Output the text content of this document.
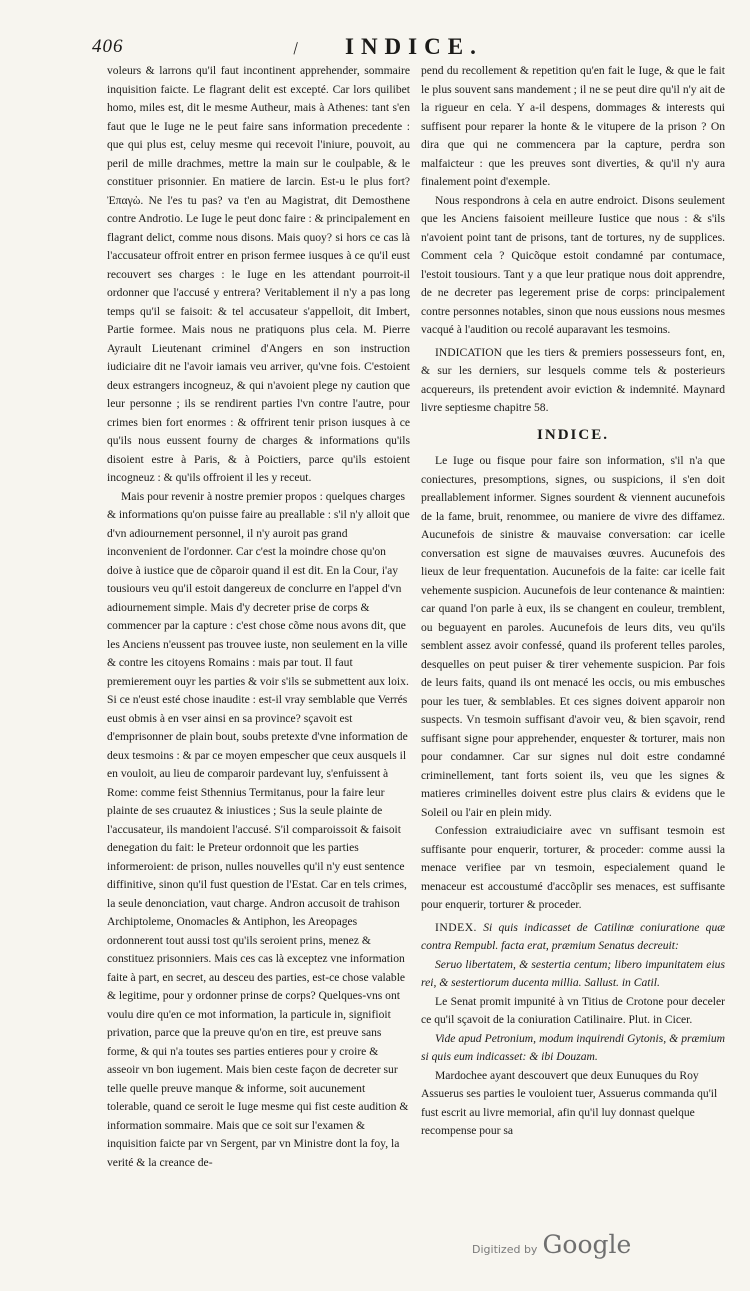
406	\ INDICE.

voleurs & larrons qu'il faut incontinent apprehender, sommaire inquisition faicte. Le flagrant delit est excepté. Car lors quilibet homo, miles est, dit le mesme Autheur, mais à Athenes: tant s'en faut que le Iuge ne le peut faire sans information precedente : que qui plus est, celuy mesme qui recevoit l'iniure, pouvoit, au peril de mille drachmes, mettre la main sur le coulpable, & le constituer prisonnier. En matiere de larcin. Est-u le plus fort? Ἐπαγὼ. Ne l'es tu pas? va t'en au Magistrat, dit Demosthene contre Androtio. Le Iuge le peut donc faire : & principalement en flagrant delict, comme nous disons. Mais quoy? si hors ce cas là l'accusateur offroit entrer en prison fermee iusques à ce qu'il eust recouvert ses charges : le Iuge en les attendant pourroit-il ordonner que l'accusé y entrera? Veritablement il n'y a pas long temps qu'il se faisoit: & tel accusateur s'appelloit, dit Imbert, Partie formee. Mais nous ne pratiquons plus cela. M. Pierre Ayrault Lieutenant criminel d'Angers en son instruction iudiciaire dit ne l'avoir iamais veu arriver, qu'vne fois. C'estoient deux estrangers incogneuz, & qui n'avoient plege ny caution que leur personne ; ils se rendirent parties l'vn contre l'autre, pour crimes bien fort enormes : & offrirent tenir prison iusques à ce qu'ils nous eussent fourny de charges & informations qu'ils disoient estre à Paris, & à Poictiers, parce qu'ils estoient incogneuz : & qu'ils offroient il les y receut.

Mais pour revenir à nostre premier propos : quelques charges & informations qu'on puisse faire au preallable : s'il n'y alloit que d'vn adiournement personnel, il n'y auroit pas grand inconvenient de l'ordonner. Car c'est la moindre chose qu'on doive à iustice que de cõparoir quand il est dit. En la Cour, i'ay tousiours veu qu'il estoit dangereux de conclurre en l'appel d'vn adiournement simple. Mais d'y decreter prise de corps & commencer par la capture : c'est chose cõme nous avons dit, que les Anciens n'eussent pas trouvee iuste, non seulement en la ville & contre les citoyens Romains : mais par tout. Il faut premierement ouyr les parties & voir s'ils se submettent aux loix. Si ce n'eust esté chose inaudite : est-il vray semblable que Verrés eust obmis à en vser ainsi en sa province? sçavoit est d'emprisonner de plain bout, soubs pretexte d'vne information de deux tesmoins : & par ce moyen empescher que ceux ausquels il en vouloit, au lieu de comparoir pardevant luy, s'enfuissent à Rome: comme feist Sthennius Termitanus, pour la faire leur plainte de ses cruautez & iniustices ; Sus la seule plainte de l'accusateur, ils mandoient l'accusé. S'il comparoissoit & faisoit denegation du fait: le Preteur ordonnoit que les parties informeroient: de prison, nulles nouvelles qu'il n'y eust sentence diffinitive, sinon qu'il fust question de l'Estat. Car en tels crimes, la seule denonciation, vaut charge. Andron accusoit de trahison Archiptoleme, Onomacles & Antiphon, les Areopages ordonnerent tout aussi tost qu'ils seroient prins, menez & constituez prisonniers. Mais ces cas là exceptez vne information faite à part, en secret, au desceu des parties, est-ce chose valable & legitime, pour y ordonner prinse de corps? Quelques-vns ont voulu dire qu'en ce mot information, la particule in, signifioit privation, parce que la preuve qu'on en tire, est preuve sans forme, & qui n'a toutes ses parties entieres pour y croire & asseoir vn bon iugement. Mais bien ceste façon de decreter sur telle quelle preuve manque & informe, soit aucunement tolerable, quand ce seroit le Iuge mesme qui fist ceste audition & information sommaire. Mais que ce soit sur l'examen & inquisition faicte par vn Sergent, par vn Ministre dont la foy, la verité & la creance de-

pend du recollement & repetition qu'en fait le Iuge, & que le fait le plus souvent sans mandement ; il ne se peut dire qu'il n'y ait de la rigueur en cela. Y a-il despens, dommages & interests qui suffisent pour reparer la honte & le vitupere de la prison ? On dira que qui ne commencera par la capture, perdra son malfaicteur : que les preuves sont diverties, & qu'il n'y aura finalement point d'exemple.

Nous respondrons à cela en autre endroict. Disons seulement que les Anciens faisoient meilleure Iustice que nous : & s'ils n'avoient point tant de prisons, tant de tortures, ny de supplices. Comment cela ? Quicõque estoit condamné par contumace, l'estoit tousiours. Tant y a que leur pratique nous doit apprendre, de ne decreter pas legerement prise de corps: principalement contre personnes notables, sinon que nous eussions nous mesmes vacqué à l'audition ou recolé auparavant les tesmoins.

INDICATION que les tiers & premiers possesseurs font, en, & sur les derniers, sur lesquels comme tels & posterieurs acquereurs, ils pretendent avoir eviction & indemnité. Maynard livre septiesme chapitre 58.

INDICE.

Le Iuge ou fisque pour faire son information, s'il n'a que coniectures, presomptions, signes, ou suspicions, il s'en doit preallablement informer. Signes sourdent & viennent aucunefois de la fame, bruit, renommee, ou maniere de vivre des diffamez. Aucunefois de sinistre & mauvaise conversation: car icelle conversation est signe de mauvaises œuvres. Aucunefois des lieux de leur frequentation. Aucunefois de la faite: car icelle fait vehemente suspicion. Aucunefois de leur contenance & maintien: car quand l'on parle à eux, ils se changent en couleur, tremblent, ou beguayent en paroles. Aucunefois de leurs dits, veu qu'ils semblent assez avoir confessé, quand ils proferent telles paroles, desquelles on peut puiser & tirer vehemente suspicion. Par fois de leurs faits, quand ils ont menacé les occis, ou mis embusches pour les tuer, & semblables. Et ces signes doivent apparoir non suspects. Vn tesmoin suffisant d'avoir veu, & bien sçavoir, rend suffisant signe pour apprehender, enquester & torturer, mais non pour condamner. Car sur signes nul doit estre condamné criminellement, tant forts soient ils, veu que les signes & matieres criminelles doivent estre plus clairs & evidens que le Soleil ou l'air en plein midy.

Confession extraiudiciaire avec vn suffisant tesmoin est suffisante pour enquerir, torturer, & proceder: comme aussi la menace verifiee par vn tesmoin, especialement quand le menaceur est accoustumé d'accõplir ses menaces, est suffisante pour enquerir, torturer & proceder.

INDEX. Si quis indicasset de Catilinæ coniuratione quæ contra Rempubl. facta erat, præmium Senatus decreuit:

Seruo libertatem, & sestertia centum; libero impunitatem eius rei, & sestertiorum ducenta millia. Sallust. in Catil.

Le Senat promit impunité à vn Titius de Crotone pour deceler ce qu'il sçavoit de la coniuration Catilinaire. Plut. in Cicer.

Vide apud Petronium, modum inquirendi Gytonis, & præmium si quis eum indicasset: & ibi Douzam.

Mardochee ayant descouvert que deux Eunuques du Roy Assuerus ses parties le vouloient tuer, Assuerus commanda qu'il fust escrit au livre memorial, afin qu'il luy donnast quelque recompense pour sa

Digitized by Google
